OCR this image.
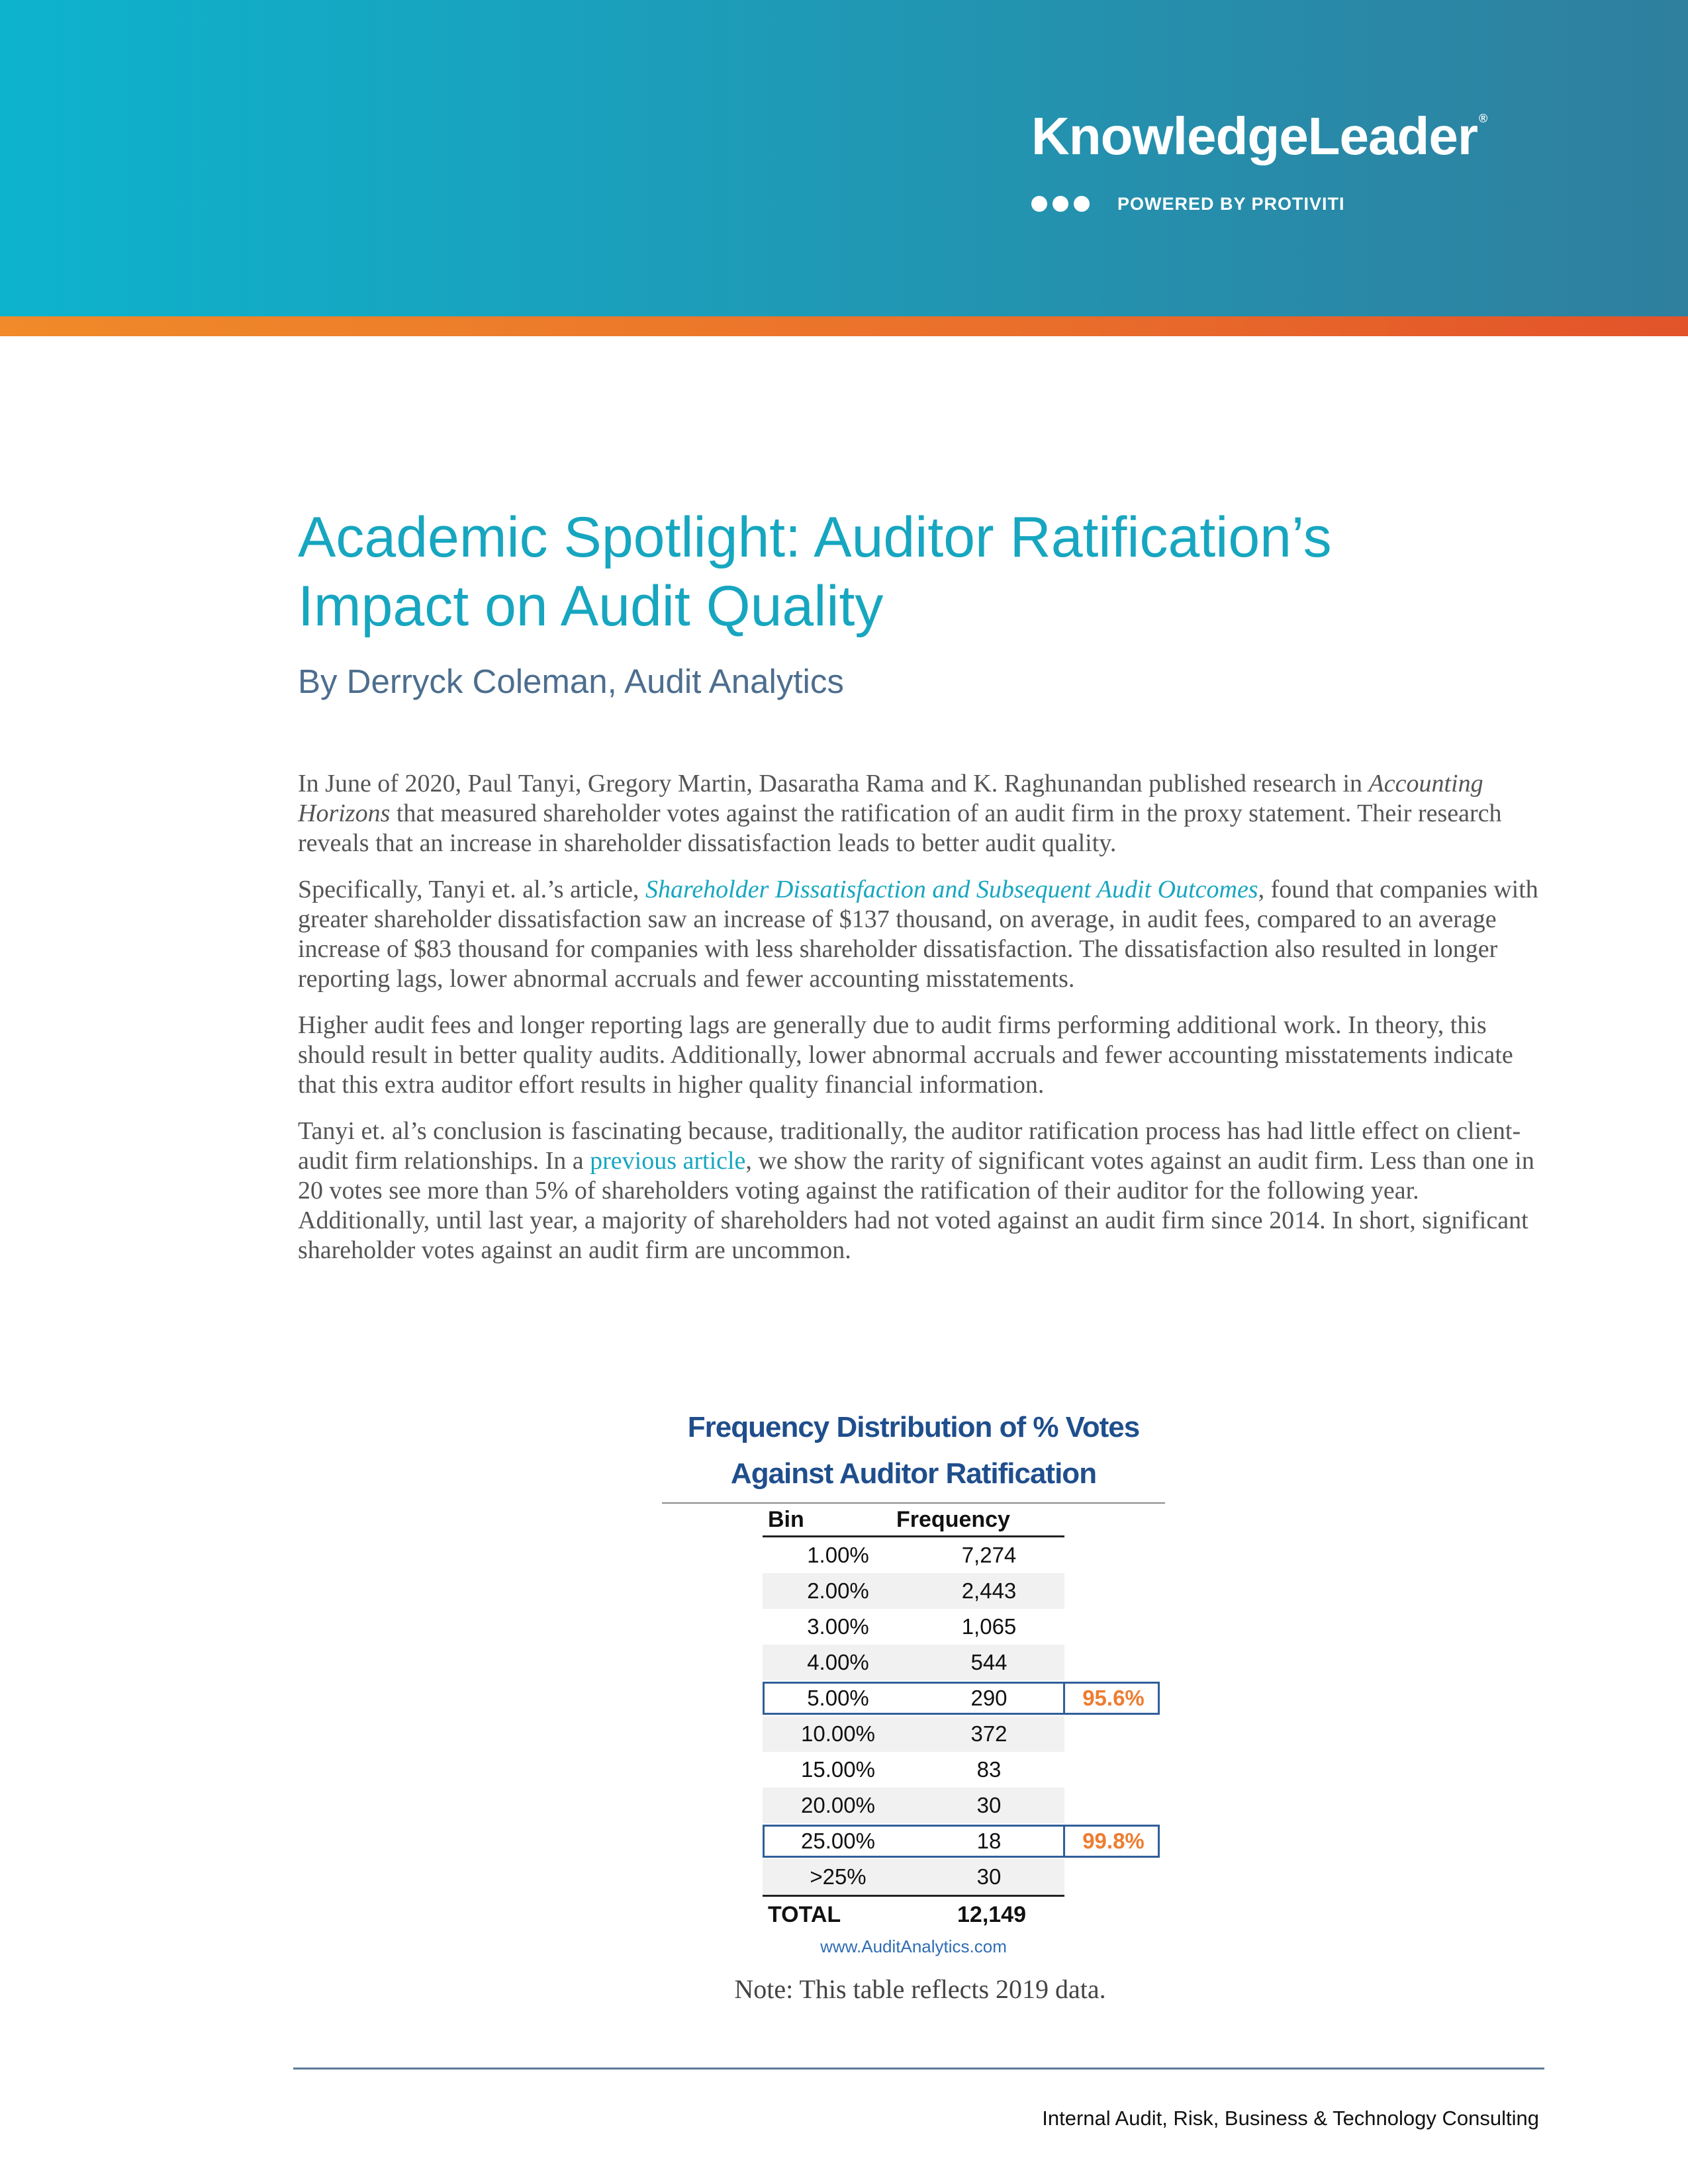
KnowledgeLeader ®
POWERED BY PROTIVITI
Academic Spotlight: Auditor Ratification’s
Impact on Audit Quality
By Derryck Coleman, Audit Analytics

In June of 2020, Paul Tanyi, Gregory Martin, Dasaratha Rama and K. Raghunandan published research in Accounting Horizons that measured shareholder votes against the ratification of an audit firm in the proxy statement. Their research reveals that an increase in shareholder dissatisfaction leads to better audit quality.

Specifically, Tanyi et. al.’s article, Shareholder Dissatisfaction and Subsequent Audit Outcomes, found that companies with greater shareholder dissatisfaction saw an increase of $137 thousand, on average, in audit fees, compared to an average increase of $83 thousand for companies with less shareholder dissatisfaction. The dissatisfaction also resulted in longer reporting lags, lower abnormal accruals and fewer accounting misstatements.

Higher audit fees and longer reporting lags are generally due to audit firms performing additional work. In theory, this should result in better quality audits. Additionally, lower abnormal accruals and fewer accounting misstatements indicate that this extra auditor effort results in higher quality financial information.

Tanyi et. al’s conclusion is fascinating because, traditionally, the auditor ratification process has had little effect on client-audit firm relationships. In a previous article, we show the rarity of significant votes against an audit firm. Less than one in 20 votes see more than 5% of shareholders voting against the ratification of their auditor for the following year. Additionally, until last year, a majority of shareholders had not voted against an audit firm since 2014. In short, significant shareholder votes against an audit firm are uncommon.

Frequency Distribution of % Votes
Against Auditor Ratification
Bin	Frequency
1.00%	7,274
2.00%	2,443
3.00%	1,065
4.00%	544
5.00%	290	95.6%
10.00%	372
15.00%	83
20.00%	30
25.00%	18	99.8%
>25%	30
TOTAL	12,149
www.AuditAnalytics.com
Note: This table reflects 2019 data.
Internal Audit, Risk, Business & Technology Consulting
